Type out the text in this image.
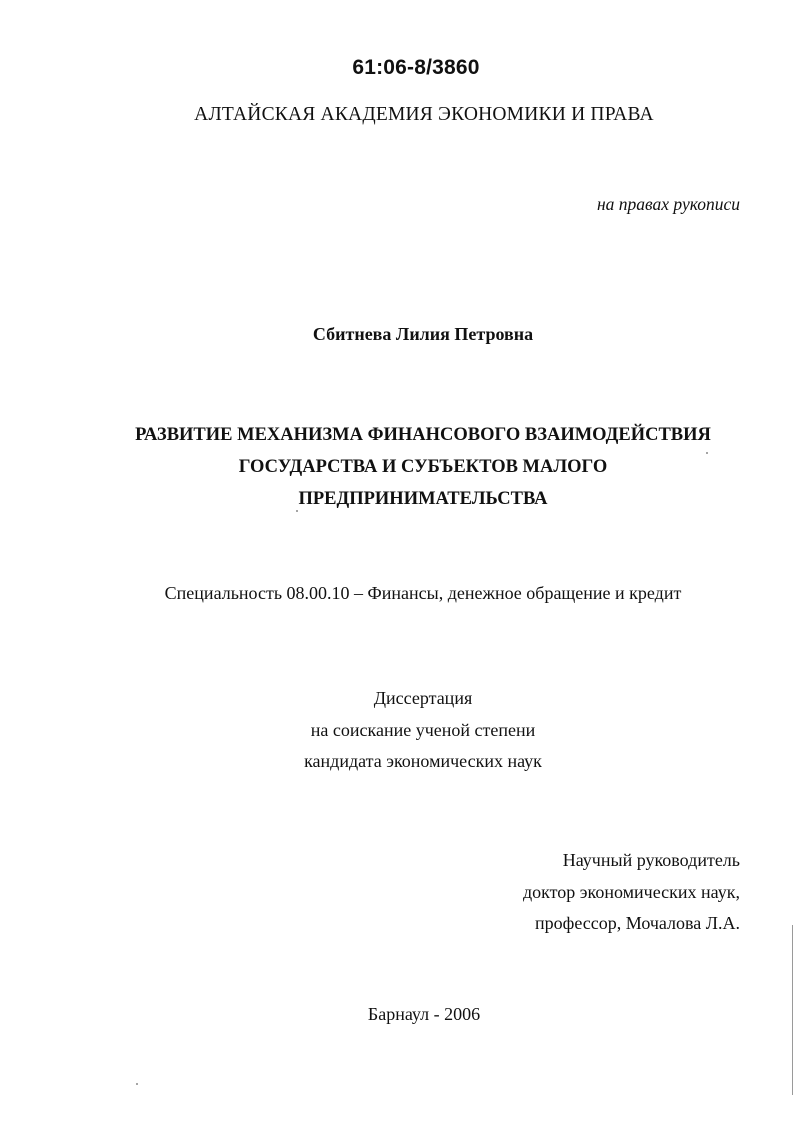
61:06-8/3860
АЛТАЙСКАЯ АКАДЕМИЯ ЭКОНОМИКИ И ПРАВА
на правах рукописи
Сбитнева Лилия Петровна
РАЗВИТИЕ МЕХАНИЗМА ФИНАНСОВОГО ВЗАИМОДЕЙСТВИЯ
ГОСУДАРСТВА И СУБЪЕКТОВ МАЛОГО
ПРЕДПРИНИМАТЕЛЬСТВА
Специальность 08.00.10 – Финансы, денежное обращение и кредит
Диссертация
на соискание ученой степени
кандидата экономических наук
Научный руководитель
доктор экономических наук,
профессор, Мочалова Л.А.
Барнаул - 2006
